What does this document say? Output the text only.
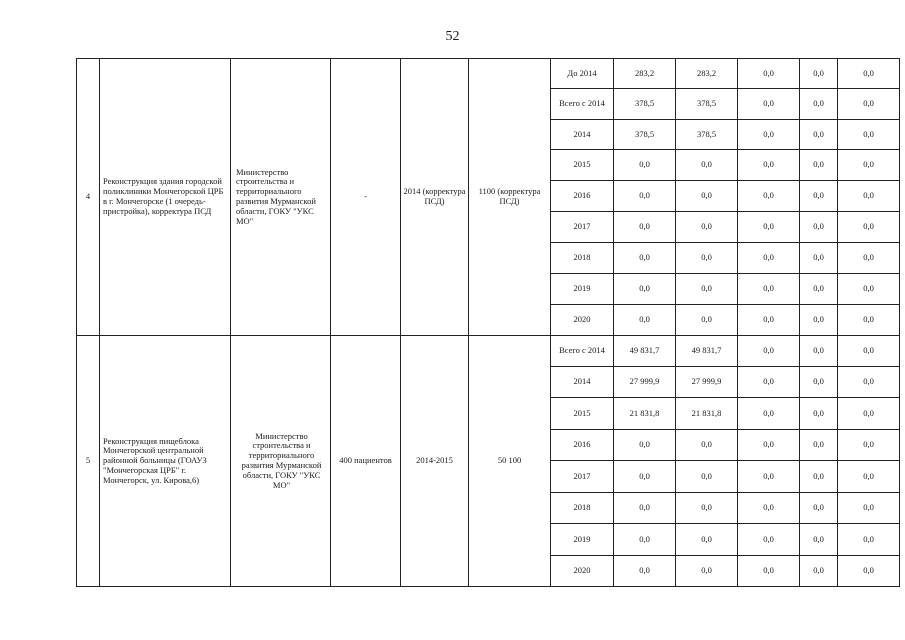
52
4	Реконструкция здания городской поликлиники Мончегорской ЦРБ в г. Мончегорске (1 очередь-пристройка), корректура ПСД	Министерство строительства и территориального развития Мурманской области, ГОКУ "УКС МО"	-	2014 (корректура ПСД)	1100 (корректура ПСД)	До 2014	283,2	283,2	0,0	0,0	0,0
						Всего с 2014	378,5	378,5	0,0	0,0	0,0
						2014	378,5	378,5	0,0	0,0	0,0
						2015	0,0	0,0	0,0	0,0	0,0
						2016	0,0	0,0	0,0	0,0	0,0
						2017	0,0	0,0	0,0	0,0	0,0
						2018	0,0	0,0	0,0	0,0	0,0
						2019	0,0	0,0	0,0	0,0	0,0
						2020	0,0	0,0	0,0	0,0	0,0
5	Реконструкция пищеблока Мончегорской центральной районной больницы (ГОАУЗ "Мончегорская ЦРБ" г. Мончегорск, ул. Кирова,6)	Министерство строительства и территориального развития Мурманской области, ГОКУ "УКС МО"	400 пациентов	2014-2015	50 100	Всего с 2014	49 831,7	49 831,7	0,0	0,0	0,0
						2014	27 999,9	27 999,9	0,0	0,0	0,0
						2015	21 831,8	21 831,8	0,0	0,0	0,0
						2016	0,0	0,0	0,0	0,0	0,0
						2017	0,0	0,0	0,0	0,0	0,0
						2018	0,0	0,0	0,0	0,0	0,0
						2019	0,0	0,0	0,0	0,0	0,0
						2020	0,0	0,0	0,0	0,0	0,0
